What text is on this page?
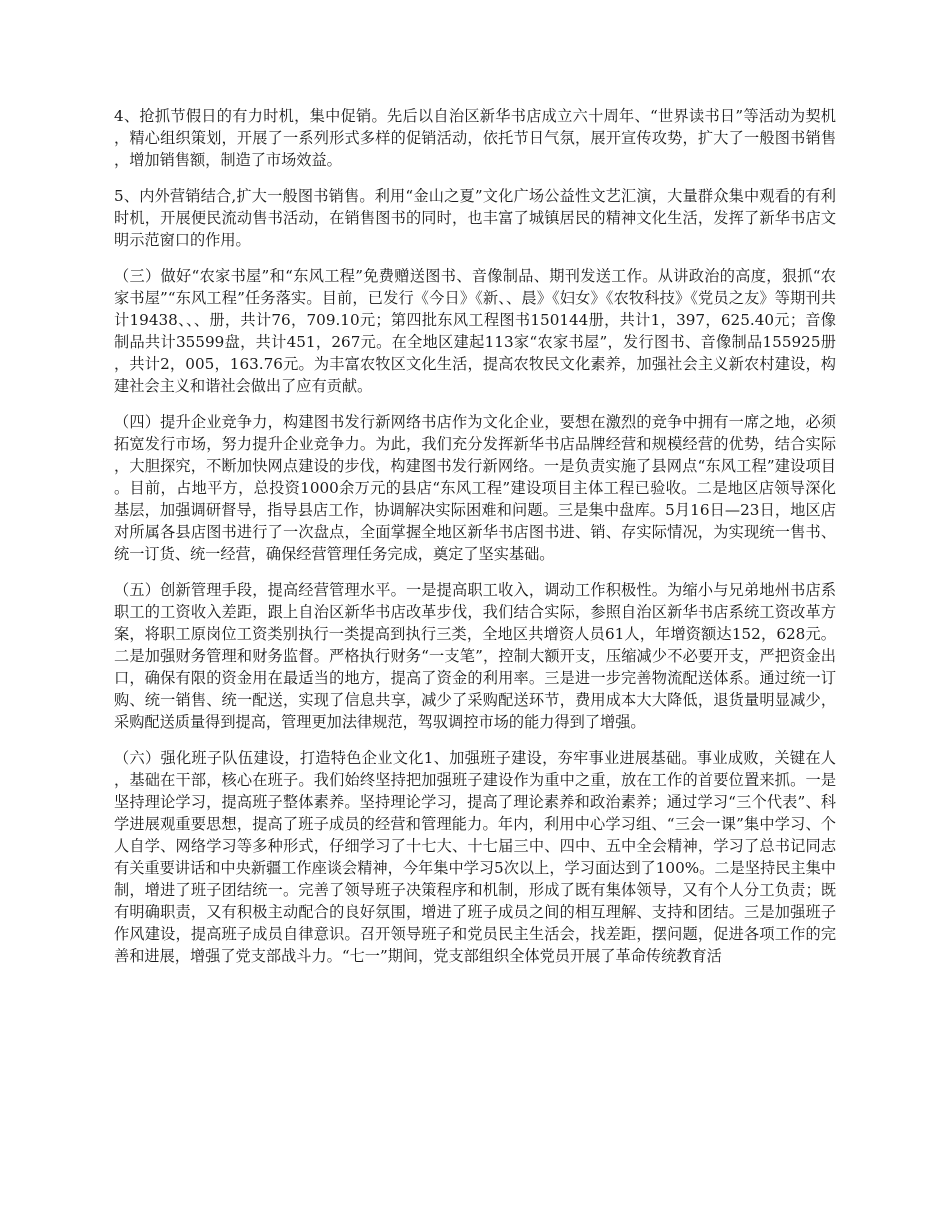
4、抢抓节假日的有力时机，集中促销。先后以自治区新华书店成立六十周年、“世界读书日”等活动为契机，精心组织策划，开展了一系列形式多样的促销活动，依托节日气氛，展开宣传攻势，扩大了一般图书销售，增加销售额，制造了市场效益。

5、内外营销结合,扩大一般图书销售。利用“金山之夏”文化广场公益性文艺汇演，大量群众集中观看的有利时机，开展便民流动售书活动，在销售图书的同时，也丰富了城镇居民的精神文化生活，发挥了新华书店文明示范窗口的作用。

（三）做好“农家书屋”和“东风工程”免费赠送图书、音像制品、期刊发送工作。从讲政治的高度，狠抓“农家书屋”“东风工程”任务落实。目前，已发行《今日》《新、、晨》《妇女》《农牧科技》《党员之友》等期刊共计19438、、、册，共计76，709.10元；第四批东风工程图书150144册，共计1，397，625.40元；音像制品共计35599盘，共计451，267元。在全地区建起113家“农家书屋”，发行图书、音像制品155925册，共计2，005，163.76元。为丰富农牧区文化生活，提高农牧民文化素养，加强社会主义新农村建设，构建社会主义和谐社会做出了应有贡献。

（四）提升企业竞争力，构建图书发行新网络书店作为文化企业，要想在激烈的竞争中拥有一席之地，必须拓宽发行市场，努力提升企业竞争力。为此，我们充分发挥新华书店品牌经营和规模经营的优势，结合实际，大胆探究，不断加快网点建设的步伐，构建图书发行新网络。一是负责实施了县网点“东风工程”建设项目。目前，占地平方，总投资1000余万元的县店“东风工程”建设项目主体工程已验收。二是地区店领导深化基层，加强调研督导，指导县店工作，协调解决实际困难和问题。三是集中盘库。5月16日—23日，地区店对所属各县店图书进行了一次盘点，全面掌握全地区新华书店图书进、销、存实际情况，为实现统一售书、统一订货、统一经营，确保经营管理任务完成，奠定了坚实基础。

（五）创新管理手段，提高经营管理水平。一是提高职工收入，调动工作积极性。为缩小与兄弟地州书店系职工的工资收入差距，跟上自治区新华书店改革步伐，我们结合实际，参照自治区新华书店系统工资改革方案，将职工原岗位工资类别执行一类提高到执行三类，全地区共增资人员61人，年增资额达152，628元。二是加强财务管理和财务监督。严格执行财务“一支笔”，控制大额开支，压缩减少不必要开支，严把资金出口，确保有限的资金用在最适当的地方，提高了资金的利用率。三是进一步完善物流配送体系。通过统一订购、统一销售、统一配送，实现了信息共享，减少了采购配送环节，费用成本大大降低，退货量明显减少，采购配送质量得到提高，管理更加法律规范，驾驭调控市场的能力得到了增强。

（六）强化班子队伍建设，打造特色企业文化1、加强班子建设，夯牢事业进展基础。事业成败，关键在人，基础在干部，核心在班子。我们始终坚持把加强班子建设作为重中之重，放在工作的首要位置来抓。一是坚持理论学习，提高班子整体素养。坚持理论学习，提高了理论素养和政治素养；通过学习“三个代表”、科学进展观重要思想，提高了班子成员的经营和管理能力。年内，利用中心学习组、“三会一课”集中学习、个人自学、网络学习等多种形式，仔细学习了十七大、十七届三中、四中、五中全会精神，学习了总书记同志有关重要讲话和中央新疆工作座谈会精神，今年集中学习5次以上，学习面达到了100%。二是坚持民主集中制，增进了班子团结统一。完善了领导班子决策程序和机制，形成了既有集体领导，又有个人分工负责；既有明确职责，又有积极主动配合的良好氛围，增进了班子成员之间的相互理解、支持和团结。三是加强班子作风建设，提高班子成员自律意识。召开领导班子和党员民主生活会，找差距，摆问题，促进各项工作的完善和进展，增强了党支部战斗力。“七一”期间，党支部组织全体党员开展了革命传统教育活
